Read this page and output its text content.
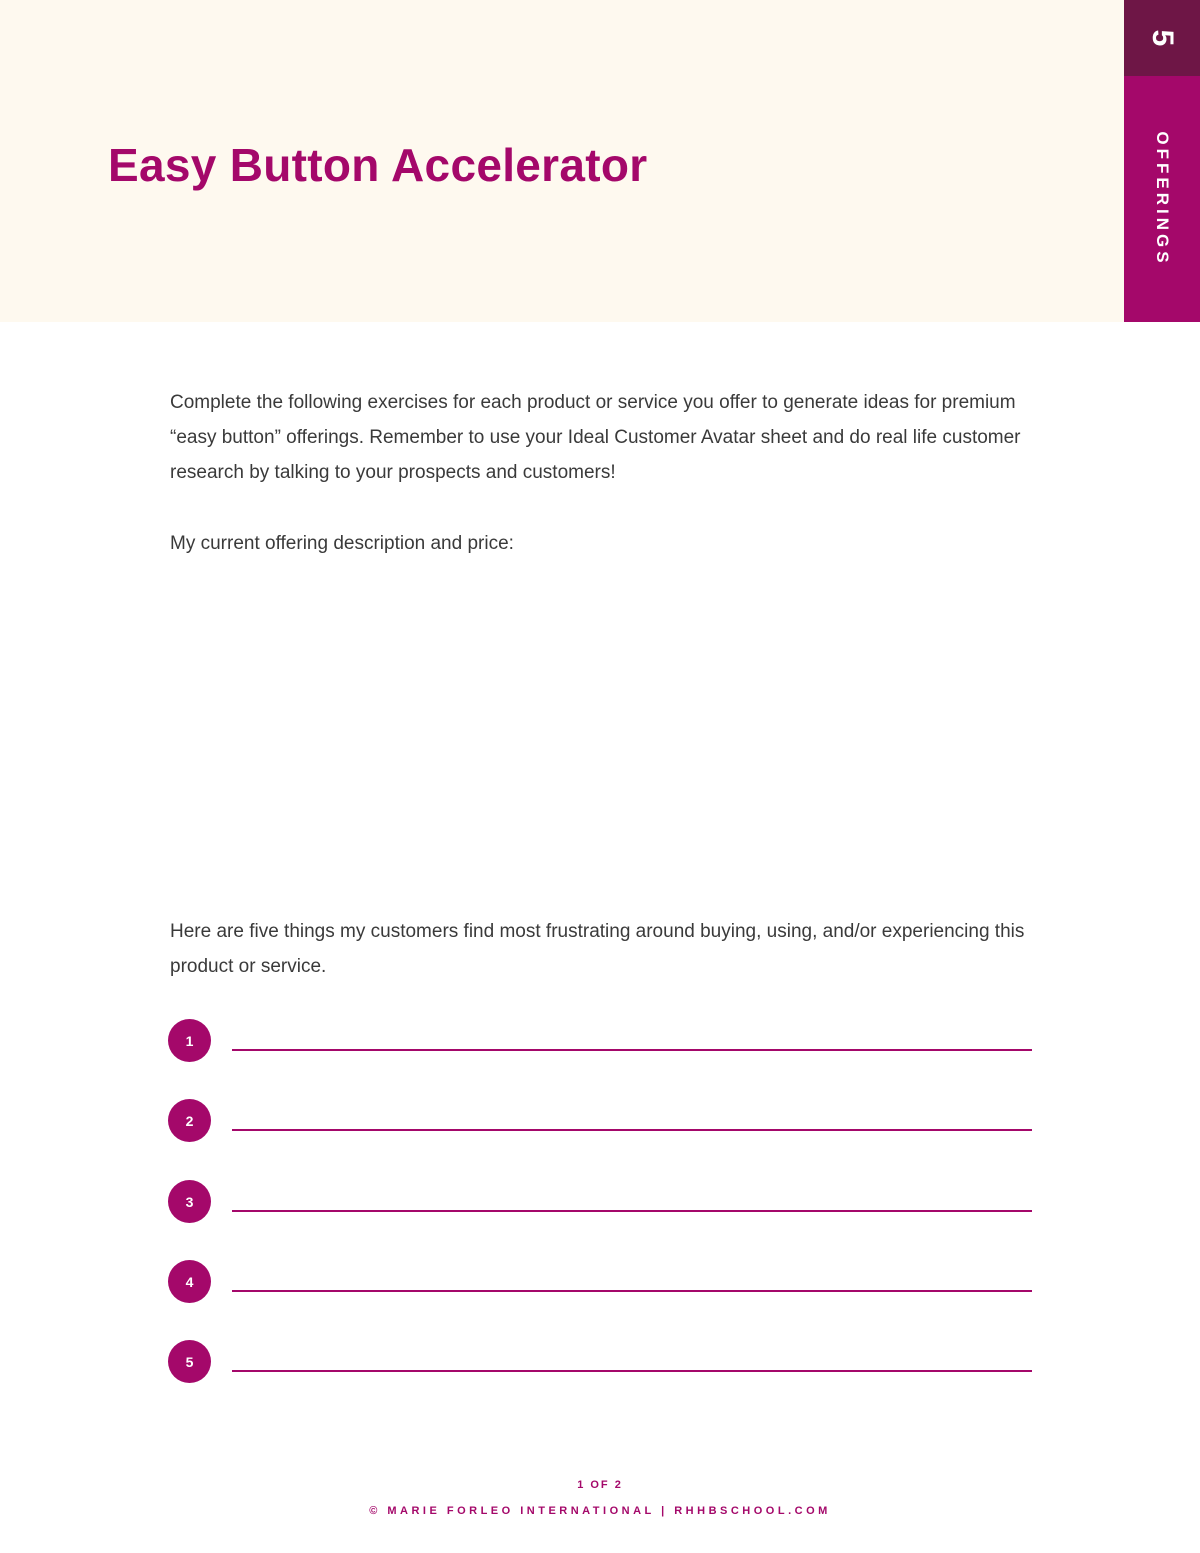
Easy Button Accelerator
5
OFFERINGS

Complete the following exercises for each product or service you offer to generate ideas for premium “easy button” offerings. Remember to use your Ideal Customer Avatar sheet and do real life customer research by talking to your prospects and customers!

My current offering description and price:

Here are five things my customers find most frustrating around buying, using, and/or experiencing this product or service.

1
2
3
4
5
1 OF 2
© MARIE FORLEO INTERNATIONAL | RHHBSCHOOL.COM
